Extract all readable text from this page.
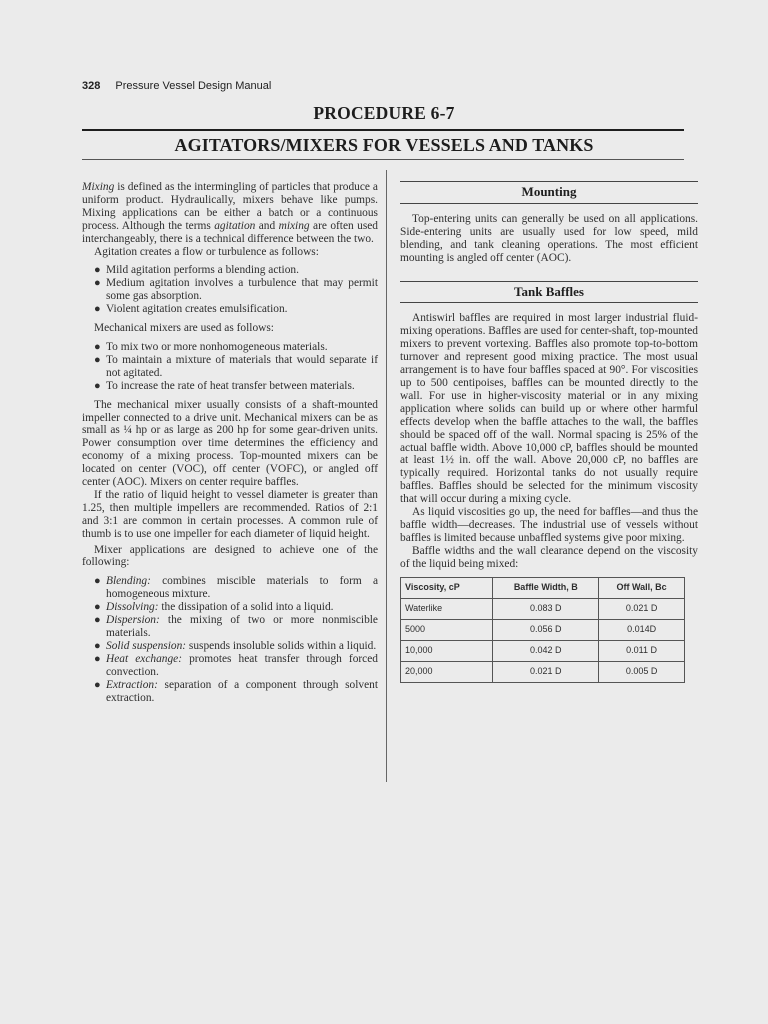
328 Pressure Vessel Design Manual
PROCEDURE 6-7
AGITATORS/MIXERS FOR VESSELS AND TANKS

Mixing is defined as the intermingling of particles that produce a uniform product. Hydraulically, mixers behave like pumps. Mixing applications can be either a batch or a continuous process. Although the terms agitation and mixing are often used interchangeably, there is a technical difference between the two.

Agitation creates a flow or turbulence as follows:

● Mild agitation performs a blending action.
● Medium agitation involves a turbulence that may permit some gas absorption.
● Violent agitation creates emulsification.

Mechanical mixers are used as follows:

● To mix two or more nonhomogeneous materials.
● To maintain a mixture of materials that would separate if not agitated.
● To increase the rate of heat transfer between materials.

The mechanical mixer usually consists of a shaft-mounted impeller connected to a drive unit. Mechanical mixers can be as small as ¼ hp or as large as 200 hp for some gear-driven units. Power consumption over time determines the efficiency and economy of a mixing process. Top-mounted mixers can be located on center (VOC), off center (VOFC), or angled off center (AOC). Mixers on center require baffles.

If the ratio of liquid height to vessel diameter is greater than 1.25, then multiple impellers are recommended. Ratios of 2:1 and 3:1 are common in certain processes. A common rule of thumb is to use one impeller for each diameter of liquid height.

Mixer applications are designed to achieve one of the following:

● Blending: combines miscible materials to form a homogeneous mixture.
● Dissolving: the dissipation of a solid into a liquid.
● Dispersion: the mixing of two or more nonmiscible materials.
● Solid suspension: suspends insoluble solids within a liquid.
● Heat exchange: promotes heat transfer through forced convection.
● Extraction: separation of a component through solvent extraction.
Mounting

Top-entering units can generally be used on all applications. Side-entering units are usually used for low speed, mild blending, and tank cleaning operations. The most efficient mounting is angled off center (AOC).

Tank Baffles

Antiswirl baffles are required in most larger industrial fluid-mixing operations. Baffles are used for center-shaft, top-mounted mixers to prevent vortexing. Baffles also promote top-to-bottom turnover and represent good mixing practice. The most usual arrangement is to have four baffles spaced at 90°. For viscosities up to 500 centipoises, baffles can be mounted directly to the wall. For use in higher-viscosity material or in any mixing application where solids can build up or where other harmful effects develop when the baffle attaches to the wall, the baffles should be spaced off of the wall. Normal spacing is 25% of the actual baffle width. Above 10,000 cP, baffles should be mounted at least 1½ in. off the wall. Above 20,000 cP, no baffles are typically required. Horizontal tanks do not usually require baffles. Baffles should be selected for the minimum viscosity that will occur during a mixing cycle.

As liquid viscosities go up, the need for baffles—and thus the baffle width—decreases. The industrial use of vessels without baffles is limited because unbaffled systems give poor mixing.

Baffle widths and the wall clearance depend on the viscosity of the liquid being mixed:

Viscosity, cP	Baffle Width, B	Off Wall, Bc
Waterlike	0.083 D	0.021 D
5000	0.056 D	0.014D
10,000	0.042 D	0.011 D
20,000	0.021 D	0.005 D
